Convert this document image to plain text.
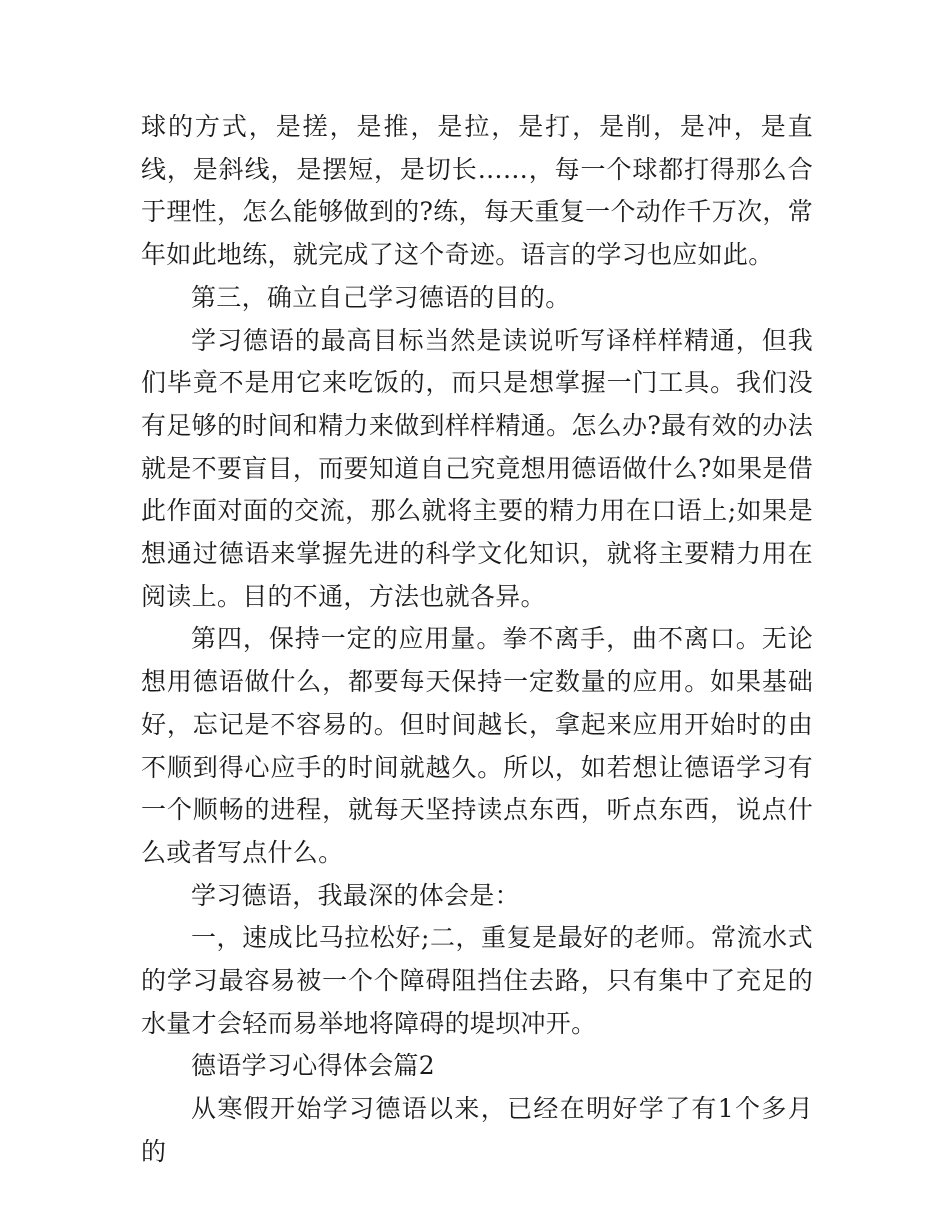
球的方式，是搓，是推，是拉，是打，是削，是冲，是直线，是斜线，是摆短，是切长……，每一个球都打得那么合于理性，怎么能够做到的?练，每天重复一个动作千万次，常年如此地练，就完成了这个奇迹。语言的学习也应如此。

第三，确立自己学习德语的目的。

学习德语的最高目标当然是读说听写译样样精通，但我们毕竟不是用它来吃饭的，而只是想掌握一门工具。我们没有足够的时间和精力来做到样样精通。怎么办?最有效的办法就是不要盲目，而要知道自己究竟想用德语做什么?如果是借此作面对面的交流，那么就将主要的精力用在口语上;如果是想通过德语来掌握先进的科学文化知识，就将主要精力用在阅读上。目的不通，方法也就各异。

第四，保持一定的应用量。拳不离手，曲不离口。无论想用德语做什么，都要每天保持一定数量的应用。如果基础好，忘记是不容易的。但时间越长，拿起来应用开始时的由不顺到得心应手的时间就越久。所以，如若想让德语学习有一个顺畅的进程，就每天坚持读点东西，听点东西，说点什么或者写点什么。

学习德语，我最深的体会是：

一，速成比马拉松好;二，重复是最好的老师。常流水式的学习最容易被一个个障碍阻挡住去路，只有集中了充足的水量才会轻而易举地将障碍的堤坝冲开。

德语学习心得体会篇2

从寒假开始学习德语以来，已经在明好学了有1个多月的
